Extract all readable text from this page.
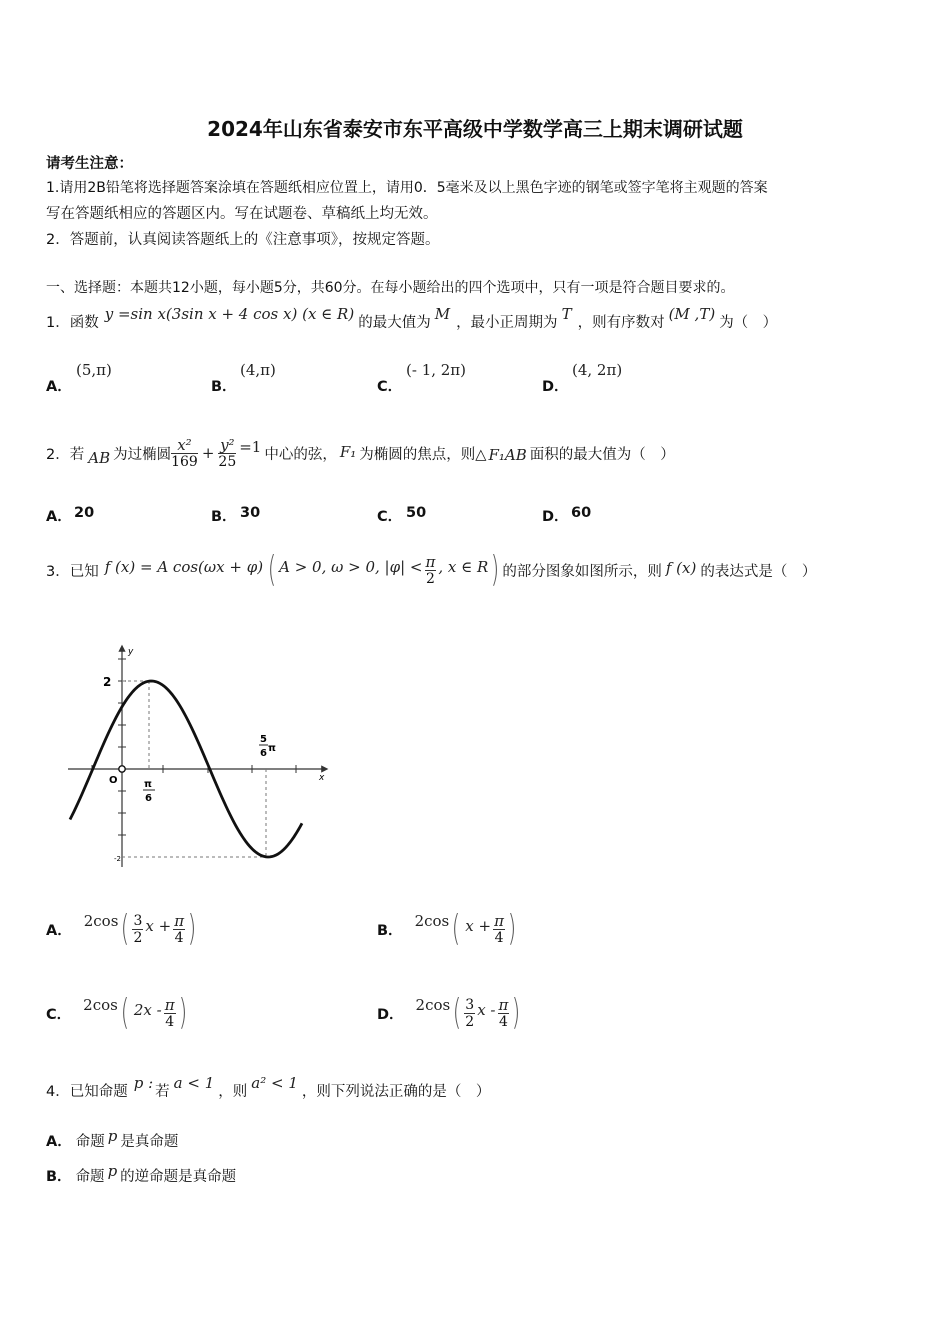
2024年山东省泰安市东平高级中学数学高三上期末调研试题
请考生注意：
1.请用2B铅笔将选择题答案涂填在答题纸相应位置上，请用0．5毫米及以上黑色字迹的钢笔或签字笔将主观题的答案
写在答题纸相应的答题区内。写在试题卷、草稿纸上均无效。
2．答题前，认真阅读答题纸上的《注意事项》，按规定答题。
一、选择题：本题共12小题，每小题5分，共60分。在每小题给出的四个选项中，只有一项是符合题目要求的。
1．函数 y =sin x(3sin x + 4 cos x) (x ∈ R) 的最大值为 M ，最小正周期为 T ，则有序数对 (M ,T) 为（　）
A．
(5,π)
B．
(4,π)
C．
(- 1, 2π)
D．
(4, 2π)
2．若 AB 为过椭圆 $\frac{\text{x²}}{169} + \frac{\text{y²}}{25} =1$ 中心的弦， F₁ 为椭圆的焦点，则△ F₁AB 面积的最大值为（　）
A． 20	B． 30	C． 50	D． 60
3．已知 f (x) = A cos(ωx + φ) ( A > 0, ω > 0, $|\varphi| < \frac{\pi}{2}$ , x ∈ R ) 的部分图象如图所示，则 f (x) 的表达式是（　）
y
x
O
2
-2
π
6
5
6 π
A．
2cos ( $\frac{3}{2}$ $x + \frac{\pi}{4}$ )	B．
2cos ( $x + \frac{\pi}{4}$ )
C．
2cos ( $2x - \frac{\pi}{4}$ )	D．
2cos ( $\frac{3}{2}$ x - $\frac{\pi}{4}$ )
4．已知命题 p : 若 a < 1 ，则 a² < 1 ，则下列说法正确的是（　）
A． 命题 p 是真命题
B． 命题 p 的逆命题是真命题
